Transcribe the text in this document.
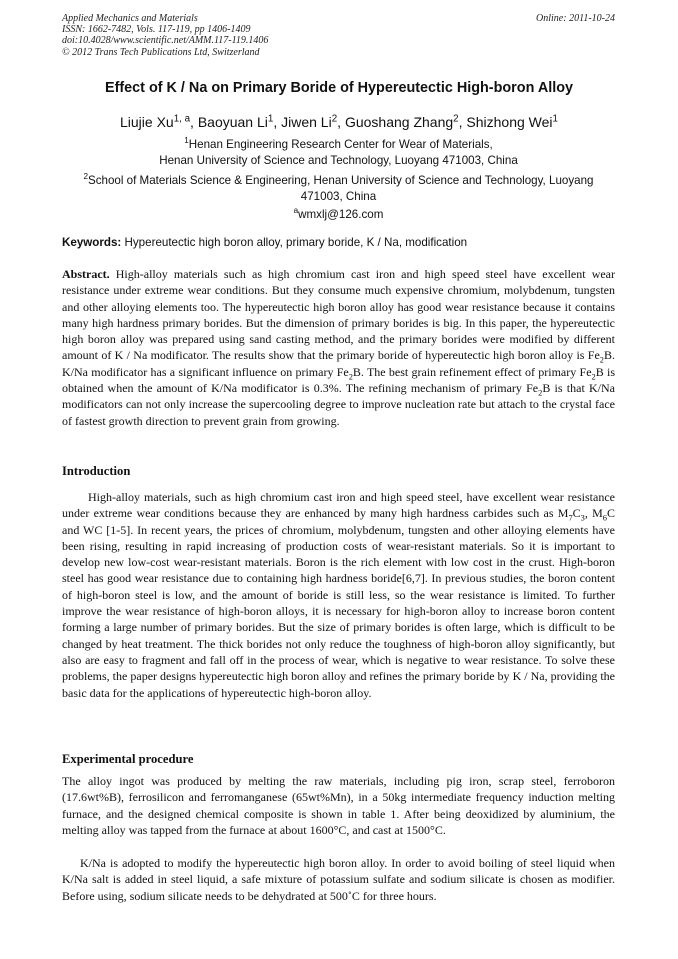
Applied Mechanics and Materials
ISSN: 1662-7482, Vols. 117-119, pp 1406-1409
doi:10.4028/www.scientific.net/AMM.117-119.1406
© 2012 Trans Tech Publications Ltd, Switzerland
Online: 2011-10-24
Effect of K / Na on Primary Boride of Hypereutectic High-boron Alloy
Liujie Xu$^{1, a}$, Baoyuan Li$^1$, Jiwen Li$^2$, Guoshang Zhang$^2$, Shizhong Wei$^1$
$^1$Henan Engineering Research Center for Wear of Materials,
Henan University of Science and Technology, Luoyang 471003, China
$^2$School of Materials Science & Engineering, Henan University of Science and Technology, Luoyang 471003, China
$^a$wmxlj@126.com
Keywords: Hypereutectic high boron alloy, primary boride, K / Na, modification
Abstract. High-alloy materials such as high chromium cast iron and high speed steel have excellent wear resistance under extreme wear conditions. But they consume much expensive chromium, molybdenum, tungsten and other alloying elements too. The hypereutectic high boron alloy has good wear resistance because it contains many high hardness primary borides. But the dimension of primary borides is big. In this paper, the hypereutectic high boron alloy was prepared using sand casting method, and the primary borides were modified by different amount of K / Na modificator. The results show that the primary boride of hypereutectic high boron alloy is $Fe_2B$. K/Na modificator has a significant influence on primary $Fe_2B$. The best grain refinement effect of primary $Fe_2B$ is obtained when the amount of K/Na modificator is 0.3%. The refining mechanism of primary $Fe_2B$ is that K/Na modificators can not only increase the supercooling degree to improve nucleation rate but attach to the crystal face of fastest growth direction to prevent grain from growing.
Introduction
High-alloy materials, such as high chromium cast iron and high speed steel, have excellent wear resistance under extreme wear conditions because they are enhanced by many high hardness carbides such as $M_7C_3$, $M_6C$ and WC [1-5]. In recent years, the prices of chromium, molybdenum, tungsten and other alloying elements have been rising, resulting in rapid increasing of production costs of wear-resistant materials. So it is important to develop new low-cost wear-resistant materials. Boron is the rich element with low cost in the crust. High-boron steel has good wear resistance due to containing high hardness boride[6,7]. In previous studies, the boron content of high-boron steel is low, and the amount of boride is still less, so the wear resistance is limited. To further improve the wear resistance of high-boron alloys, it is necessary for high-boron alloy to increase boron content forming a large number of primary borides. But the size of primary borides is often large, which is difficult to be changed by heat treatment. The thick borides not only reduce the toughness of high-boron alloy significantly, but also are easy to fragment and fall off in the process of wear, which is negative to wear resistance. To solve these problems, the paper designs hypereutectic high boron alloy and refines the primary boride by K / Na, providing the basic data for the applications of hypereutectic high-boron alloy.
Experimental procedure
The alloy ingot was produced by melting the raw materials, including pig iron, scrap steel, ferroboron (17.6wt%B), ferrosilicon and ferromanganese (65wt%Mn), in a 50kg intermediate frequency induction melting furnace, and the designed chemical composite is shown in table 1. After being deoxidized by aluminium, the melting alloy was tapped from the furnace at about 1600°C, and cast at 1500°C.
K/Na is adopted to modify the hypereutectic high boron alloy. In order to avoid boiling of steel liquid when K/Na salt is added in steel liquid, a safe mixture of potassium sulfate and sodium silicate is chosen as modifier. Before using, sodium silicate needs to be dehydrated at 500˚C for three hours.
